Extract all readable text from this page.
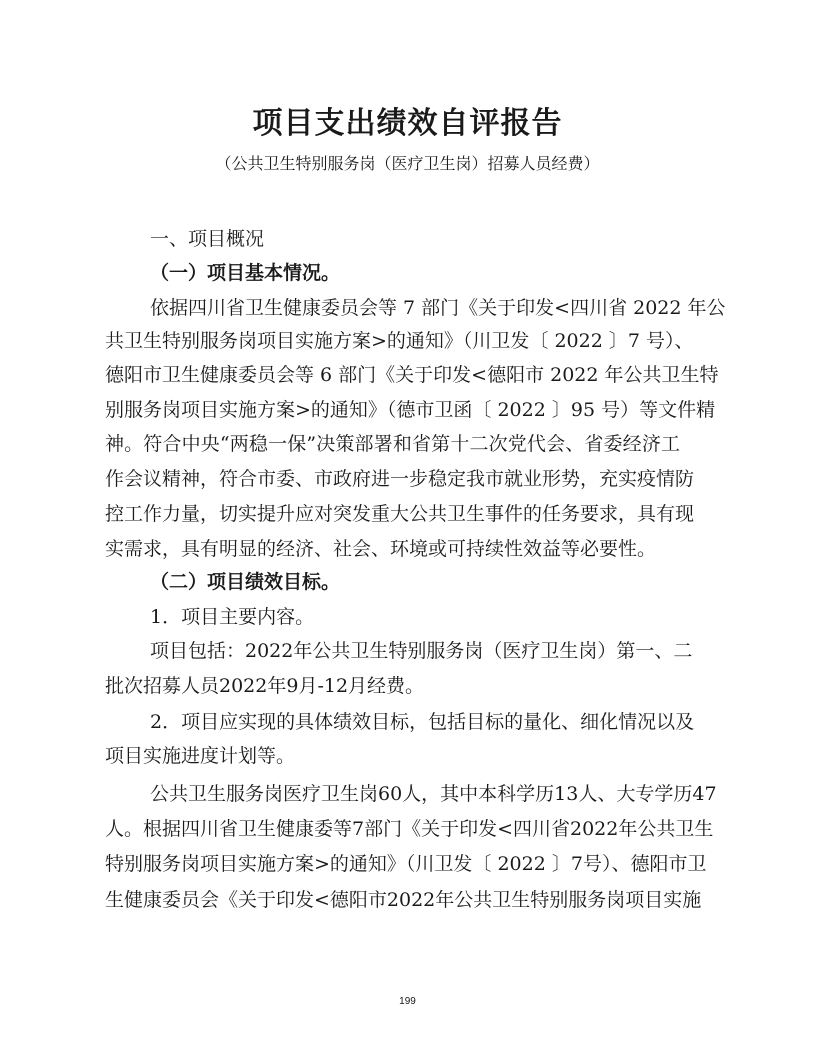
项目支出绩效自评报告

（公共卫生特别服务岗（医疗卫生岗）招募人员经费）

一、项目概况

（一）项目基本情况。

依据四川省卫生健康委员会等 7 部门《关于印发<四川省 2022 年公

共卫生特别服务岗项目实施方案>的通知》（川卫发〔 2022 〕7 号）、

德阳市卫生健康委员会等 6 部门《关于印发<德阳市 2022 年公共卫生特

别服务岗项目实施方案>的通知》（德市卫函〔 2022 〕95 号）等文件精

神。符合中央“两稳一保”决策部署和省第十二次党代会、省委经济工

作会议精神，符合市委、市政府进一步稳定我市就业形势，充实疫情防

控工作力量，切实提升应对突发重大公共卫生事件的任务要求，具有现

实需求，具有明显的经济、社会、环境或可持续性效益等必要性。

（二）项目绩效目标。

1．项目主要内容。

项目包括：2022年公共卫生特别服务岗（医疗卫生岗）第一、二

批次招募人员2022年9月-12月经费。

2．项目应实现的具体绩效目标，包括目标的量化、细化情况以及

项目实施进度计划等。

公共卫生服务岗医疗卫生岗60人，其中本科学历13人、大专学历47

人。根据四川省卫生健康委等7部门《关于印发<四川省2022年公共卫生

特别服务岗项目实施方案>的通知》（川卫发〔 2022 〕7号）、德阳市卫

生健康委员会《关于印发<德阳市2022年公共卫生特别服务岗项目实施

199
